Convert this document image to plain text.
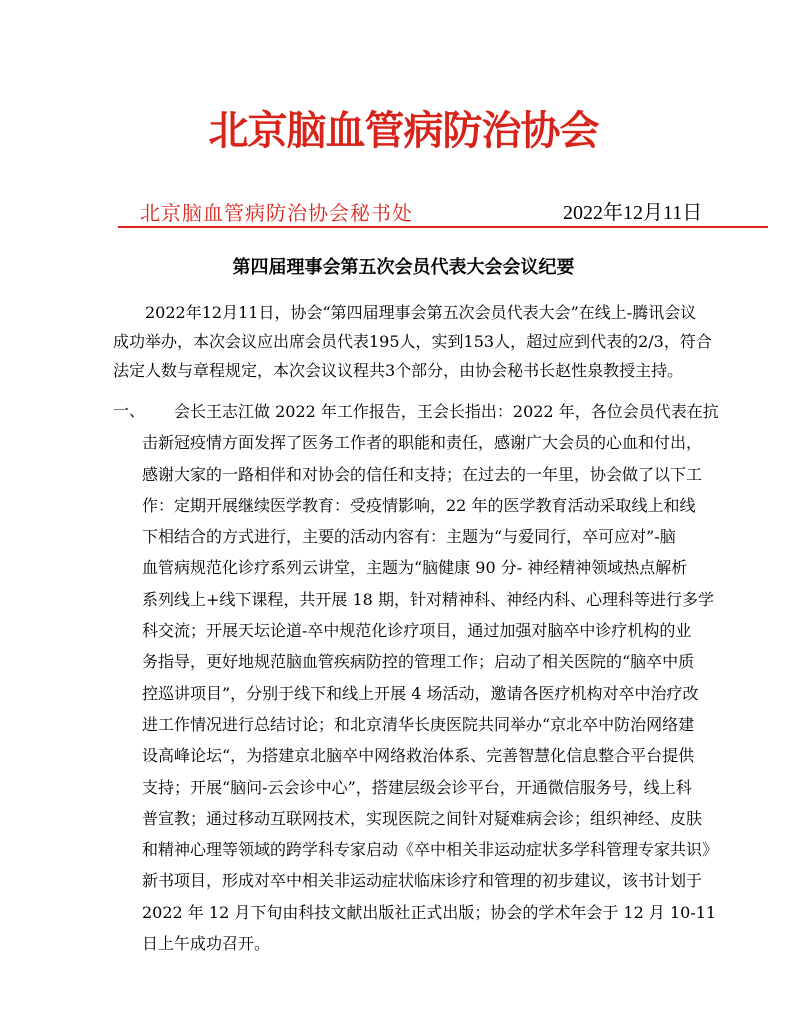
北京脑血管病防治协会
北京脑血管病防治协会秘书处	2022年12月11日
第四届理事会第五次会员代表大会会议纪要
2022年12月11日，协会“第四届理事会第五次会员代表大会”在线上-腾讯会议
成功举办，本次会议应出席会员代表195人，实到153人，超过应到代表的2/3，符合
法定人数与章程规定，本次会议议程共3个部分，由协会秘书长赵性泉教授主持。
一、	会长王志江做 2022 年工作报告，王会长指出：2022 年，各位会员代表在抗
击新冠疫情方面发挥了医务工作者的职能和责任，感谢广大会员的心血和付出，
感谢大家的一路相伴和对协会的信任和支持；在过去的一年里，协会做了以下工
作：定期开展继续医学教育：受疫情影响，22 年的医学教育活动采取线上和线
下相结合的方式进行，主要的活动内容有：主题为“与爱同行，卒可应对”-脑
血管病规范化诊疗系列云讲堂，主题为“脑健康 90 分- 神经精神领域热点解析
系列线上+线下课程，共开展 18 期，针对精神科、神经内科、心理科等进行多学
科交流；开展天坛论道-卒中规范化诊疗项目，通过加强对脑卒中诊疗机构的业
务指导，更好地规范脑血管疾病防控的管理工作；启动了相关医院的“脑卒中质
控巡讲项目”，分别于线下和线上开展 4 场活动，邀请各医疗机构对卒中治疗改
进工作情况进行总结讨论；和北京清华长庚医院共同举办“京北卒中防治网络建
设高峰论坛“，为搭建京北脑卒中网络救治体系、完善智慧化信息整合平台提供
支持；开展“脑问-云会诊中心”，搭建层级会诊平台，开通微信服务号，线上科
普宣教；通过移动互联网技术，实现医院之间针对疑难病会诊；组织神经、皮肤
和精神心理等领域的跨学科专家启动《卒中相关非运动症状多学科管理专家共识》
新书项目，形成对卒中相关非运动症状临床诊疗和管理的初步建议，该书计划于
2022 年 12 月下旬由科技文献出版社正式出版；协会的学术年会于 12 月 10-11
日上午成功召开。
